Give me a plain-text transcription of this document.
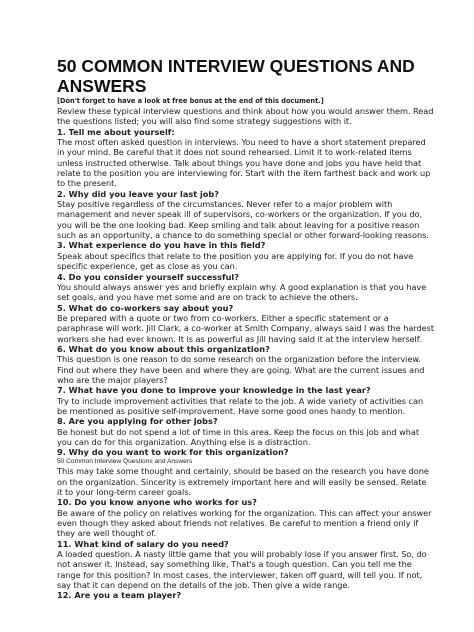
50 COMMON INTERVIEW QUESTIONS AND
ANSWERS

[Don't forget to have a look at free bonus at the end of this document.]

Review these typical interview questions and think about how you would answer them. Read the questions listed; you will also find some strategy suggestions with it.

1. Tell me about yourself:

The most often asked question in interviews. You need to have a short statement prepared in your mind. Be careful that it does not sound rehearsed. Limit it to work-related items unless instructed otherwise. Talk about things you have done and jobs you have held that relate to the position you are interviewing for. Start with the item farthest back and work up to the present.

2. Why did you leave your last job?

Stay positive regardless of the circumstances. Never refer to a major problem with management and never speak ill of supervisors, co-workers or the organization. If you do, you will be the one looking bad. Keep smiling and talk about leaving for a positive reason such as an opportunity, a chance to do something special or other forward-looking reasons.

3. What experience do you have in this field?

Speak about specifics that relate to the position you are applying for. If you do not have specific experience, get as close as you can.

4. Do you consider yourself successful?

You should always answer yes and briefly explain why. A good explanation is that you have set goals, and you have met some and are on track to achieve the others.

5. What do co-workers say about you?

Be prepared with a quote or two from co-workers. Either a specific statement or a paraphrase will work. Jill Clark, a co-worker at Smith Company, always said I was the hardest workers she had ever known. It is as powerful as Jill having said it at the interview herself.

6. What do you know about this organization?

This question is one reason to do some research on the organization before the interview. Find out where they have been and where they are going. What are the current issues and who are the major players?

7. What have you done to improve your knowledge in the last year?

Try to include improvement activities that relate to the job. A wide variety of activities can be mentioned as positive self-improvement. Have some good ones handy to mention.

8. Are you applying for other jobs?

Be honest but do not spend a lot of time in this area. Keep the focus on this job and what you can do for this organization. Anything else is a distraction.

9. Why do you want to work for this organization?

50 Common Interview Questions and Answers

This may take some thought and certainly, should be based on the research you have done on the organization. Sincerity is extremely important here and will easily be sensed. Relate it to your long-term career goals.

10. Do you know anyone who works for us?

Be aware of the policy on relatives working for the organization. This can affect your answer even though they asked about friends not relatives. Be careful to mention a friend only if they are well thought of.

11. What kind of salary do you need?

A loaded question. A nasty little game that you will probably lose if you answer first. So, do not answer it. Instead, say something like, That's a tough question. Can you tell me the range for this position? In most cases, the interviewer, taken off guard, will tell you. If not, say that it can depend on the details of the job. Then give a wide range.

12. Are you a team player?
